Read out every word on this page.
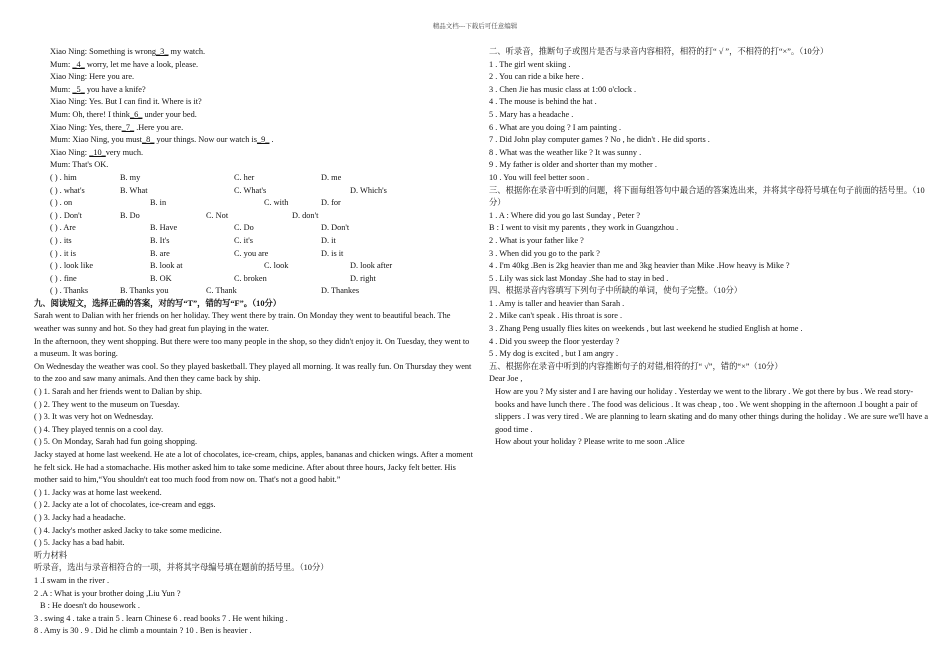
精品文档---下载后可任意编辑
Xiao Ning: Something is wrong_3_ my watch.
Mum: _4_ worry, let me have a look, please.
Xiao Ning: Here you are.
Mum: _5_ you have a knife?
Xiao Ning: Yes. But I can find it. Where is it?
Mum: Oh, there! I think_6_ under your bed.
Xiao Ning: Yes, there_7_ .Here you are.
Mum: Xiao Ning, you must_8_ your things. Now our watch is_9_ .
Xiao Ning: _10_very much.
Mum: That's OK.
( ) . him	B. my	C. her	D. me
( ) . what's	B. What	C. What's	D. Which's
( ) . on	B. in	C. with	D. for
( ) . Don't	B. Do	C. Not	D. don't
( ) . Are	B. Have	C. Do	D. Don't
( ) . its	B. It's	C. it's	D. it
( ) . it is	B. are	C. you are	D. is it
( ) . look like	B. look at	C. look	D. look after
( ) . fine	B. OK	C. broken	D. right
( ) . Thanks	B. Thanks you	C. Thank	D. Thankes
九、阅读短文，选择正确的答案，对的写“T”，错的写“F”。（10分）
Sarah went to Dalian with her friends on her holiday. They went there by train. On Monday they went to beautiful beach. The weather was sunny and hot. So they had great fun playing in the water.
In the afternoon, they went shopping. But there were too many people in the shop, so they didn't enjoy it. On Tuesday, they went to a museum. It was boring.
On Wednesday the weather was cool. So they played basketball. They played all morning. It was really fun. On Thursday they went to the zoo and saw many animals. And then they came back by ship.
( ) 1. Sarah and her friends went to Dalian by ship.
( ) 2. They went to the museum on Tuesday.
( ) 3. It was very hot on Wednesday.
( ) 4. They played tennis on a cool day.
( ) 5. On Monday, Sarah had fun going shopping.
Jacky stayed at home last weekend. He ate a lot of chocolates, ice-cream, chips, apples, bananas and chicken wings. After a moment he felt sick. He had a stomachache. His mother asked him to take some medicine. After about three hours, Jacky felt better. His mother said to him,“You shouldn't eat too much food from now on. That's not a good habit.”
( ) 1. Jacky was at home last weekend.
( ) 2. Jacky ate a lot of chocolates, ice-cream and eggs.
( ) 3. Jacky had a headache.
( ) 4. Jacky's mother asked Jacky to take some medicine.
( ) 5. Jacky has a bad habit.
听力材料
听录音，选出与录音相符合的一项，并将其字母编号填在题前的括号里。（10分）
1 .I swam in the river .
2 .A : What is your brother doing ,Liu Yun ?
B : He doesn't do housework .
3 . swing 4 . take a train 5 . learn Chinese 6 . read books 7 . He went hiking .
8 . Amy is 30 . 9 . Did he climb a mountain ? 10 . Ben is heavier .
二、听录音，推断句子或图片是否与录音内容相符，相符的打“ √ ”，不相符的打“×”。（10分）
1 . The girl went skiing .
2 . You can ride a bike here .
3 . Chen Jie has music class at 1:00 o'clock .
4 . The mouse is behind the hat .
5 . Mary has a headache .
6 . What are you doing ? I am painting .
7 . Did John play computer games ? No , he didn't . He did sports .
8 . What was the weather like ? It was sunny .
9 . My father is older and shorter than my mother .
10 . You will feel better soon .
三、根据你在录音中听到的问题，将下面每组答句中最合适的答案选出来，并将其字母符号填在句子前面的括号里。（10分）
1 . A : Where did you go last Sunday , Peter ?
B : I went to visit my parents , they work in Guangzhou .
2 . What is your father like ?
3 . When did you go to the park ?
4 . I'm 40kg .Ben is 2kg heavier than me and 3kg heavier than Mike .How heavy is Mike ?
5 . Lily was sick last Monday .She had to stay in bed .
四、根据录音内容填写下列句子中所缺的单词，使句子完整。（10分）
1 . Amy is taller and heavier than Sarah .
2 . Mike can't speak . His throat is sore .
3 . Zhang Peng usually flies kites on weekends , but last weekend he studied English at home .
4 . Did you sweep the floor yesterday ?
5 . My dog is excited , but I am angry .
五、根据你在录音中听到的内容推断句子的对错,相符的打“ √”，错的“×”（10分）
Dear Joe ,
How are you ? My sister and I are having our holiday . Yesterday we went to the library . We got there by bus . We read story-books and have lunch there . The food was delicious . It was cheap , too . We went shopping in the afternoon .I bought a pair of slippers . I was very tired . We are planning to learn skating and do many other things during the holiday . We are sure we'll have a good time .
How about your holiday ? Please write to me soon .Alice
